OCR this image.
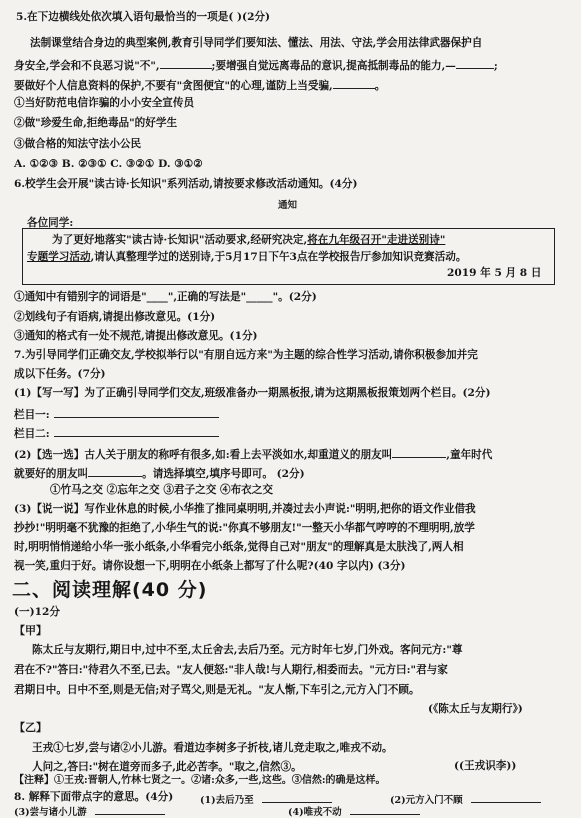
5.在下边横线处依次填入语句最恰当的一项是( )(2分)
法制课堂结合身边的典型案例,教育引导同学们要知法、懂法、用法、守法,学会用法律武器保护自
身安全,学会和不良恶习说"不",	;要增强自觉远离毒品的意识,提高抵制毒品的能力,—	;
要做好个人信息资料的保护,不要有"贪图便宜"的心理,谨防上当受骗,	。
①当好防范电信诈骗的小小安全宣传员
②做"珍爱生命,拒绝毒品"的好学生
③做合格的知法守法小公民
A. ①②③ B. ②③① C. ③②① D. ③①②
6.校学生会开展"读古诗·长知识"系列活动,请按要求修改活动通知。(4分)
通知
各位同学:
为了更好地落实"读古诗·长知识"活动要求,经研究决定,将在九年级召开"走进送别诗"
专题学习活动,请认真整理学过的送别诗,于5月17日下午3点在学校报告厅参加知识竞赛活动。
2019 年 5 月 8 日
①通知中有错别字的词语是"____",正确的写法是"_____"。(2分)
②划线句子有语病,请提出修改意见。(1分)
③通知的格式有一处不规范,请提出修改意见。(1分)
7.为引导同学们正确交友,学校拟举行以"有朋自远方来"为主题的综合性学习活动,请你积极参加并完
成以下任务。(7分)
(1)【写一写】为了正确引导同学们交友,班级准备办一期黑板报,请为这期黑板报策划两个栏目。(2分)
栏目一:
栏目二:
(2)【选一选】古人关于朋友的称呼有很多,如:看上去平淡如水,却重道义的朋友叫	,童年时代
就要好的朋友叫	。请选择填空,填序号即可。 (2分)
①竹马之交 ②忘年之交 ③君子之交 ④布衣之交
(3)【说一说】写作业休息的时候,小华推了推同桌明明,并凑过去小声说:"明明,把你的语文作业借我
抄抄!"明明毫不犹豫的拒绝了,小华生气的说:"你真不够朋友!"一整天小华都气哼哼的不理明明,放学
时,明明悄悄递给小华一张小纸条,小华看完小纸条,觉得自己对"朋友"的理解真是太肤浅了,两人相
视一笑,重归于好。请你设想一下,明明在小纸条上都写了什么呢?(40 字以内) (3分)
二、阅读理解(40 分)
(一)12分
【甲】
陈太丘与友期行,期日中,过中不至,太丘舍去,去后乃至。元方时年七岁,门外戏。客问元方:"尊
君在不?"答曰:"待君久不至,已去。"友人便怒:"非人哉!与人期行,相委而去。"元方曰:"君与家
君期日中。日中不至,则是无信;对子骂父,则是无礼。"友人惭,下车引之,元方入门不顾。
(《陈太丘与友期行》)
【乙】
王戎①七岁,尝与诸②小儿游。看道边李树多子折枝,诸儿竞走取之,唯戎不动。
人问之,答曰:"树在道旁而多子,此必苦李。"取之,信然③。	((王戎识李))
【注释】①王戎:晋朝人,竹林七贤之一。②诸:众多,一些,这些。③信然:的确是这样。
8. 解释下面带点字的意思。(4分)	(1)去后乃至	(2)元方入门不顾
(3)尝与诸小儿游	(4)唯戎不动
